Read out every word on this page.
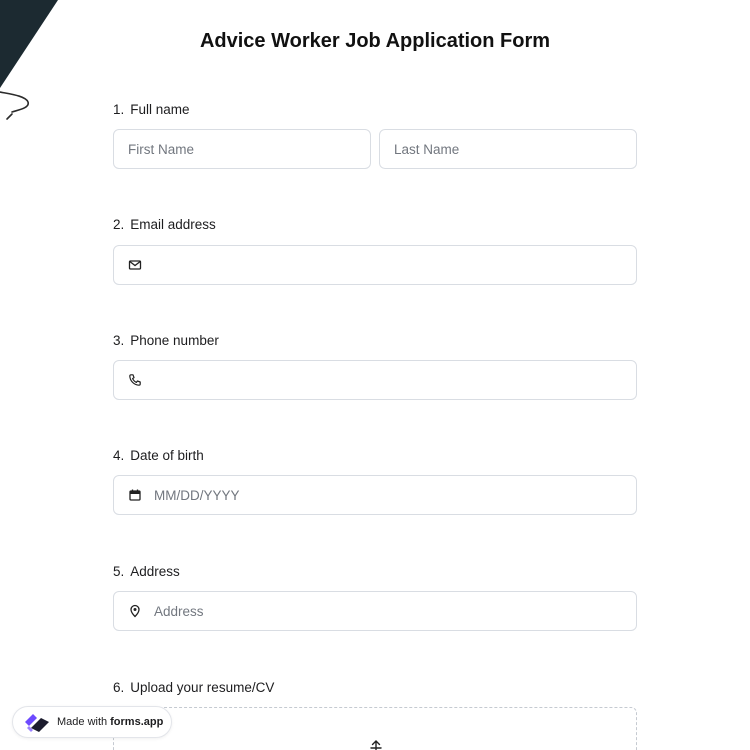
Advice Worker Job Application Form
1. Full name
First Name	Last Name
2. Email address
3. Phone number
4. Date of birth
MM/DD/YYYY
5. Address
Address
6. Upload your resume/CV
Made with forms.app
